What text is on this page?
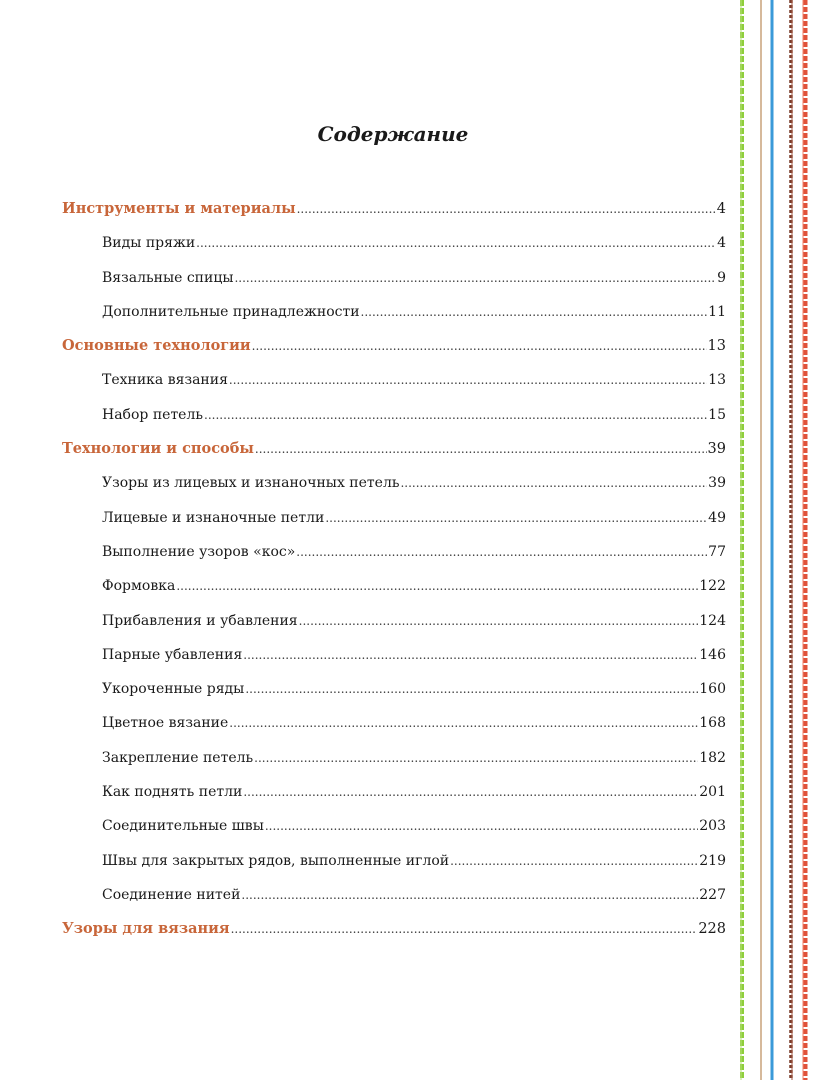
Содержание
Инструменты и материалы .....	4
Виды пряжи .....	4
Вязальные спицы .....	9
Дополнительные принадлежности .....	11
Основные технологии .....	13
Техника вязания .....	13
Набор петель .....	15
Технологии и способы .....	39
Узоры из лицевых и изнаночных петель .....	39
Лицевые и изнаночные петли .....	49
Выполнение узоров «кос» .....	77
Формовка .....	122
Прибавления и убавления .....	124
Парные убавления .....	146
Укороченные ряды .....	160
Цветное вязание .....	168
Закрепление петель .....	182
Как поднять петли .....	201
Соединительные швы .....	203
Швы для закрытых рядов, выполненные иглой .....	219
Соединение нитей .....	227
Узоры для вязания .....	228
